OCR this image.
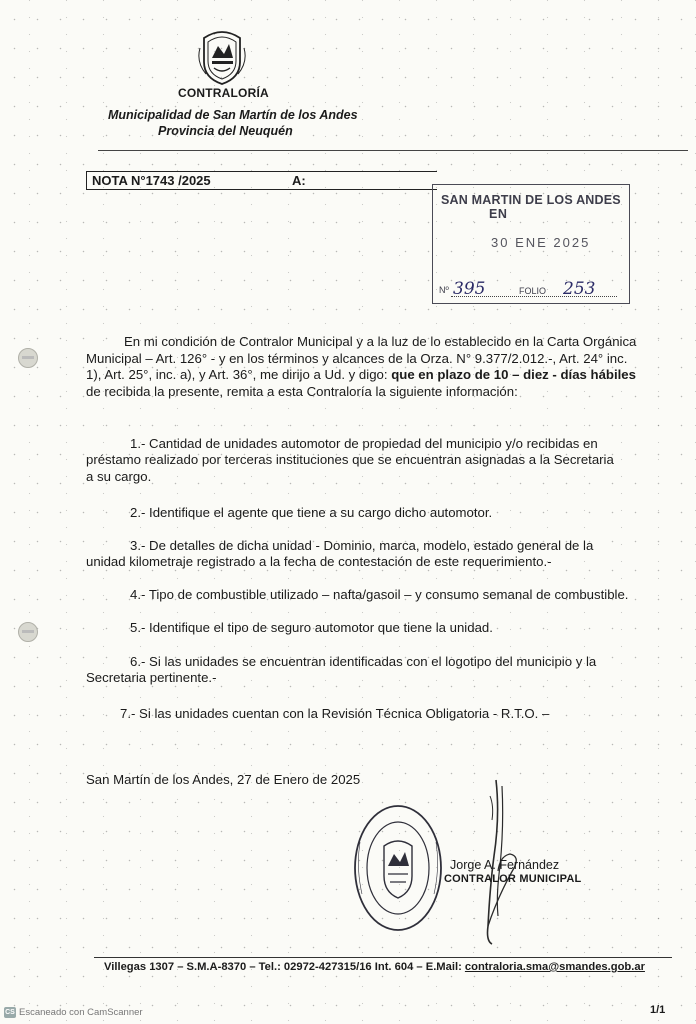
CONTRALORÍA
Municipalidad de San Martín de los Andes
Provincia del Neuquén
NOTA N°1743 /2025	A:
SAN MARTIN DE LOS ANDES
EN
30 ENE 2025
Nº 395	FOLIO 253
En mi condición de Contralor Municipal y a la luz de lo establecido en la Carta Orgánica
Municipal – Art. 126° - y en los términos y alcances de la Orza. N° 9.377/2.012.-, Art. 24° inc.
1), Art. 25°, inc. a), y Art. 36°, me dirijo a Ud. y digo: que en plazo de 10 – diez - días hábiles
de recibida la presente, remita a esta Contraloría la siguiente información:
1.- Cantidad de unidades automotor de propiedad del municipio y/o recibidas en
préstamo realizado por terceras instituciones que se encuentran asignadas a la Secretaria
a su cargo.
2.- Identifique el agente que tiene a su cargo dicho automotor.
3.- De detalles de dicha unidad - Dominio, marca, modelo, estado general de la
unidad kilometraje registrado a la fecha de contestación de este requerimiento.-
4.- Tipo de combustible utilizado – nafta/gasoil – y consumo semanal de combustible.
5.- Identifique el tipo de seguro automotor que tiene la unidad.
6.- Si las unidades se encuentran identificadas con el logotipo del municipio y la
Secretaria pertinente.-
7.- Si las unidades cuentan con la Revisión Técnica Obligatoria - R.T.O. –
San Martín de los Andes, 27 de Enero de 2025
Jorge A. Fernández
CONTRALOR MUNICIPAL
Villegas 1307 – S.M.A-8370 – Tel.: 02972-427315/16 Int. 604 – E.Mail: contraloria.sma@smandes.gob.ar
1/1
CS Escaneado con CamScanner
